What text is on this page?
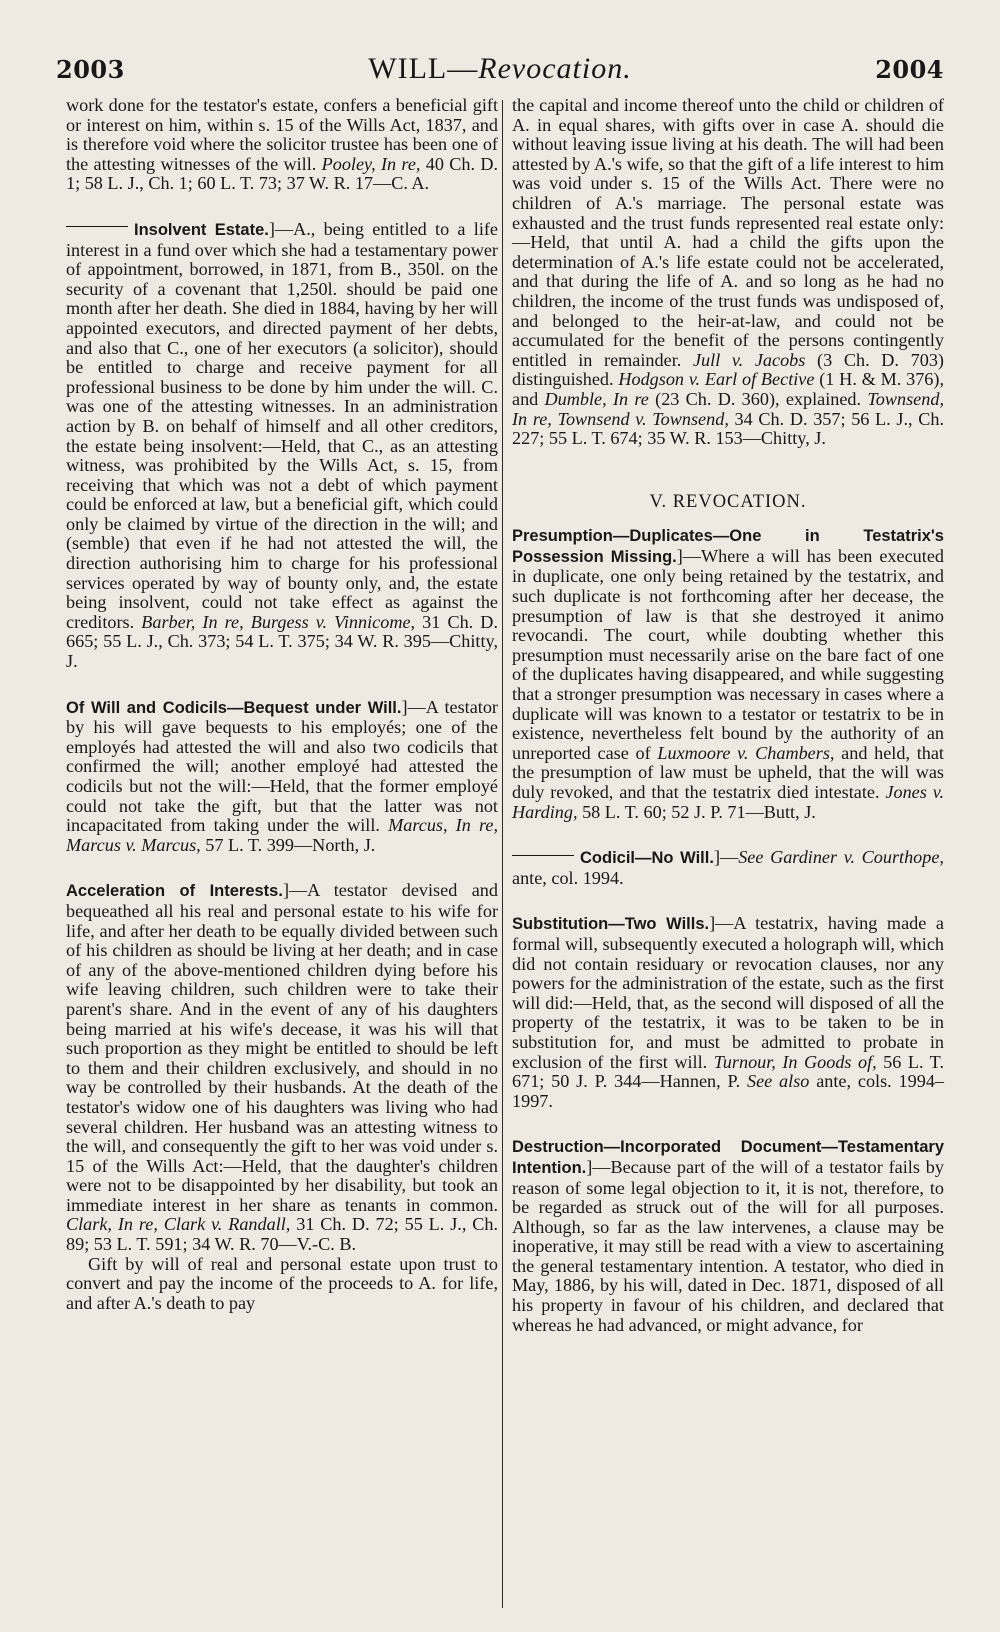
2003	WILL—Revocation.	2004

work done for the testator's estate, confers a beneficial gift or interest on him, within s. 15 of the Wills Act, 1837, and is therefore void where the solicitor trustee has been one of the attesting witnesses of the will. Pooley, In re, 40 Ch. D. 1; 58 L. J., Ch. 1; 60 L. T. 73; 37 W. R. 17—C. A.

Insolvent Estate.]—A., being entitled to a life interest in a fund over which she had a testamentary power of appointment, borrowed, in 1871, from B., 350l. on the security of a covenant that 1,250l. should be paid one month after her death. She died in 1884, having by her will appointed executors, and directed payment of her debts, and also that C., one of her executors (a solicitor), should be entitled to charge and receive payment for all professional business to be done by him under the will. C. was one of the attesting witnesses. In an administration action by B. on behalf of himself and all other creditors, the estate being insolvent:—Held, that C., as an attesting witness, was prohibited by the Wills Act, s. 15, from receiving that which was not a debt of which payment could be enforced at law, but a beneficial gift, which could only be claimed by virtue of the direction in the will; and (semble) that even if he had not attested the will, the direction authorising him to charge for his professional services operated by way of bounty only, and, the estate being insolvent, could not take effect as against the creditors. Barber, In re, Burgess v. Vinnicome, 31 Ch. D. 665; 55 L. J., Ch. 373; 54 L. T. 375; 34 W. R. 395—Chitty, J.

Of Will and Codicils—Bequest under Will.]—A testator by his will gave bequests to his employés; one of the employés had attested the will and also two codicils that confirmed the will; another employé had attested the codicils but not the will:—Held, that the former employé could not take the gift, but that the latter was not incapacitated from taking under the will. Marcus, In re, Marcus v. Marcus, 57 L. T. 399—North, J.

Acceleration of Interests.]—A testator devised and bequeathed all his real and personal estate to his wife for life, and after her death to be equally divided between such of his children as should be living at her death; and in case of any of the above-mentioned children dying before his wife leaving children, such children were to take their parent's share. And in the event of any of his daughters being married at his wife's decease, it was his will that such proportion as they might be entitled to should be left to them and their children exclusively, and should in no way be controlled by their husbands. At the death of the testator's widow one of his daughters was living who had several children. Her husband was an attesting witness to the will, and consequently the gift to her was void under s. 15 of the Wills Act:—Held, that the daughter's children were not to be disappointed by her disability, but took an immediate interest in her share as tenants in common. Clark, In re, Clark v. Randall, 31 Ch. D. 72; 55 L. J., Ch. 89; 53 L. T. 591; 34 W. R. 70—V.-C. B.

Gift by will of real and personal estate upon trust to convert and pay the income of the proceeds to A. for life, and after A.'s death to pay

the capital and income thereof unto the child or children of A. in equal shares, with gifts over in case A. should die without leaving issue living at his death. The will had been attested by A.'s wife, so that the gift of a life interest to him was void under s. 15 of the Wills Act. There were no children of A.'s marriage. The personal estate was exhausted and the trust funds represented real estate only:—Held, that until A. had a child the gifts upon the determination of A.'s life estate could not be accelerated, and that during the life of A. and so long as he had no children, the income of the trust funds was undisposed of, and belonged to the heir-at-law, and could not be accumulated for the benefit of the persons contingently entitled in remainder. Jull v. Jacobs (3 Ch. D. 703) distinguished. Hodgson v. Earl of Bective (1 H. & M. 376), and Dumble, In re (23 Ch. D. 360), explained. Townsend, In re, Townsend v. Townsend, 34 Ch. D. 357; 56 L. J., Ch. 227; 55 L. T. 674; 35 W. R. 153—Chitty, J.

V. REVOCATION.

Presumption—Duplicates—One in Testatrix's Possession Missing.]—Where a will has been executed in duplicate, one only being retained by the testatrix, and such duplicate is not forthcoming after her decease, the presumption of law is that she destroyed it animo revocandi. The court, while doubting whether this presumption must necessarily arise on the bare fact of one of the duplicates having disappeared, and while suggesting that a stronger presumption was necessary in cases where a duplicate will was known to a testator or testatrix to be in existence, nevertheless felt bound by the authority of an unreported case of Luxmoore v. Chambers, and held, that the presumption of law must be upheld, that the will was duly revoked, and that the testatrix died intestate. Jones v. Harding, 58 L. T. 60; 52 J. P. 71—Butt, J.

Codicil—No Will.]—See Gardiner v. Courthope, ante, col. 1994.

Substitution—Two Wills.]—A testatrix, having made a formal will, subsequently executed a holograph will, which did not contain residuary or revocation clauses, nor any powers for the administration of the estate, such as the first will did:—Held, that, as the second will disposed of all the property of the testatrix, it was to be taken to be in substitution for, and must be admitted to probate in exclusion of the first will. Turnour, In Goods of, 56 L. T. 671; 50 J. P. 344—Hannen, P. See also ante, cols. 1994–1997.

Destruction—Incorporated Document—Testamentary Intention.]—Because part of the will of a testator fails by reason of some legal objection to it, it is not, therefore, to be regarded as struck out of the will for all purposes. Although, so far as the law intervenes, a clause may be inoperative, it may still be read with a view to ascertaining the general testamentary intention. A testator, who died in May, 1886, by his will, dated in Dec. 1871, disposed of all his property in favour of his children, and declared that whereas he had advanced, or might advance, for
